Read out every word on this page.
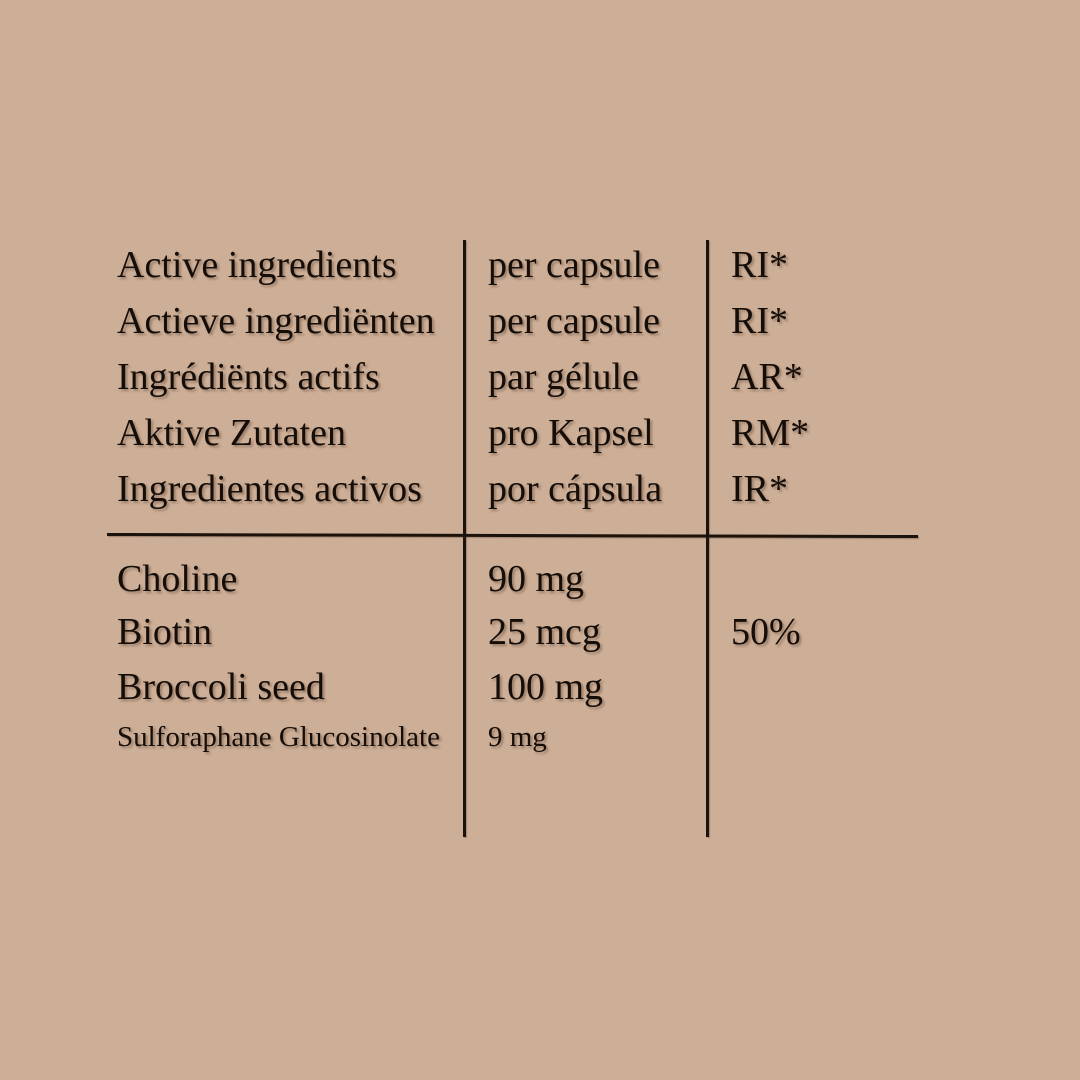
Active ingredients	per capsule	RI*
Actieve ingrediënten	per capsule	RI*
Ingrédiënts actifs	par gélule	AR*
Aktive Zutaten	pro Kapsel	RM*
Ingredientes activos	por cápsula	IR*
Choline	90 mg
Biotin	25 mcg	50%
Broccoli seed	100 mg
Sulforaphane Glucosinolate	9 mg
